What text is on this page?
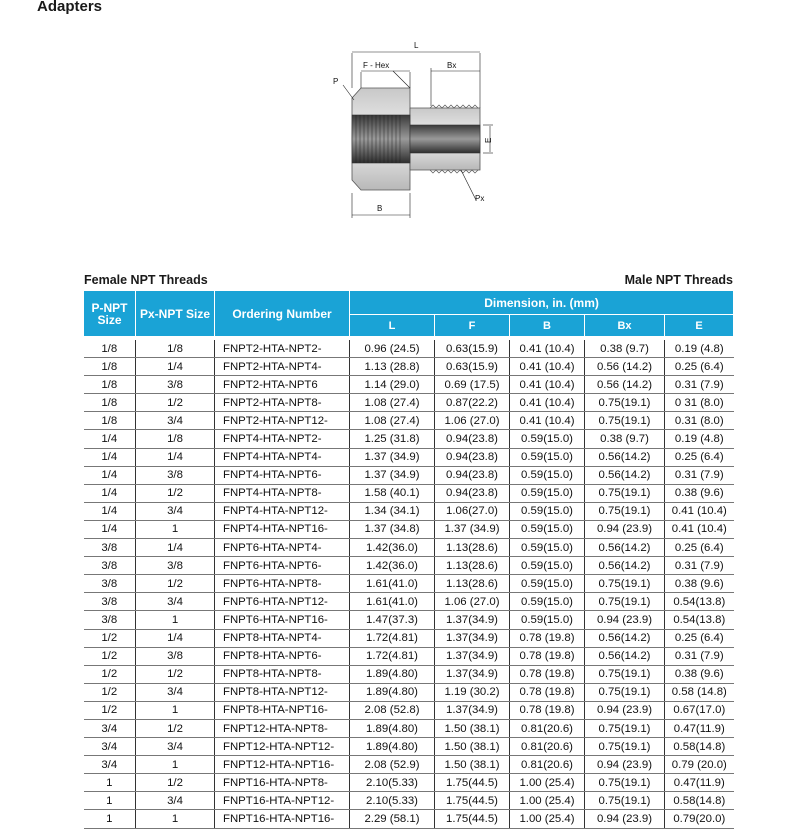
Adapters
L
F - Hex	Bx
P
E
B
Px
Female NPT Threads	Male NPT Threads
P-NPT Size	Px-NPT Size	Ordering Number	Dimension, in. (mm)				
			L	F	B	Bx	E
1/8	1/8	FNPT2-HTA-NPT2-	0.96 (24.5)	0.63(15.9)	0.41 (10.4)	0.38 (9.7)	0.19 (4.8)
1/8	1/4	FNPT2-HTA-NPT4-	1.13 (28.8)	0.63(15.9)	0.41 (10.4)	0.56 (14.2)	0.25 (6.4)
1/8	3/8	FNPT2-HTA-NPT6	1.14 (29.0)	0.69 (17.5)	0.41 (10.4)	0.56 (14.2)	0.31 (7.9)
1/8	1/2	FNPT2-HTA-NPT8-	1.08 (27.4)	0.87(22.2)	0.41 (10.4)	0.75(19.1)	0 31 (8.0)
1/8	3/4	FNPT2-HTA-NPT12-	1.08 (27.4)	1.06 (27.0)	0.41 (10.4)	0.75(19.1)	0.31 (8.0)
1/4	1/8	FNPT4-HTA-NPT2-	1.25 (31.8)	0.94(23.8)	0.59(15.0)	0.38 (9.7)	0.19 (4.8)
1/4	1/4	FNPT4-HTA-NPT4-	1.37 (34.9)	0.94(23.8)	0.59(15.0)	0.56(14.2)	0.25 (6.4)
1/4	3/8	FNPT4-HTA-NPT6-	1.37 (34.9)	0.94(23.8)	0.59(15.0)	0.56(14.2)	0.31 (7.9)
1/4	1/2	FNPT4-HTA-NPT8-	1.58 (40.1)	0.94(23.8)	0.59(15.0)	0.75(19.1)	0.38 (9.6)
1/4	3/4	FNPT4-HTA-NPT12-	1.34 (34.1)	1.06(27.0)	0.59(15.0)	0.75(19.1)	0.41 (10.4)
1/4	1	FNPT4-HTA-NPT16-	1.37 (34.8)	1.37 (34.9)	0.59(15.0)	0.94 (23.9)	0.41 (10.4)
3/8	1/4	FNPT6-HTA-NPT4-	1.42(36.0)	1.13(28.6)	0.59(15.0)	0.56(14.2)	0.25 (6.4)
3/8	3/8	FNPT6-HTA-NPT6-	1.42(36.0)	1.13(28.6)	0.59(15.0)	0.56(14.2)	0.31 (7.9)
3/8	1/2	FNPT6-HTA-NPT8-	1.61(41.0)	1.13(28.6)	0.59(15.0)	0.75(19.1)	0.38 (9.6)
3/8	3/4	FNPT6-HTA-NPT12-	1.61(41.0)	1.06 (27.0)	0.59(15.0)	0.75(19.1)	0.54(13.8)
3/8	1	FNPT6-HTA-NPT16-	1.47(37.3)	1.37(34.9)	0.59(15.0)	0.94 (23.9)	0.54(13.8)
1/2	1/4	FNPT8-HTA-NPT4-	1.72(4.81)	1.37(34.9)	0.78 (19.8)	0.56(14.2)	0.25 (6.4)
1/2	3/8	FNPT8-HTA-NPT6-	1.72(4.81)	1.37(34.9)	0.78 (19.8)	0.56(14.2)	0.31 (7.9)
1/2	1/2	FNPT8-HTA-NPT8-	1.89(4.80)	1.37(34.9)	0.78 (19.8)	0.75(19.1)	0.38 (9.6)
1/2	3/4	FNPT8-HTA-NPT12-	1.89(4.80)	1.19 (30.2)	0.78 (19.8)	0.75(19.1)	0.58 (14.8)
1/2	1	FNPT8-HTA-NPT16-	2.08 (52.8)	1.37(34.9)	0.78 (19.8)	0.94 (23.9)	0.67(17.0)
3/4	1/2	FNPT12-HTA-NPT8-	1.89(4.80)	1.50 (38.1)	0.81(20.6)	0.75(19.1)	0.47(11.9)
3/4	3/4	FNPT12-HTA-NPT12-	1.89(4.80)	1.50 (38.1)	0.81(20.6)	0.75(19.1)	0.58(14.8)
3/4	1	FNPT12-HTA-NPT16-	2.08 (52.9)	1.50 (38.1)	0.81(20.6)	0.94 (23.9)	0.79 (20.0)
1	1/2	FNPT16-HTA-NPT8-	2.10(5.33)	1.75(44.5)	1.00 (25.4)	0.75(19.1)	0.47(11.9)
1	3/4	FNPT16-HTA-NPT12-	2.10(5.33)	1.75(44.5)	1.00 (25.4)	0.75(19.1)	0.58(14.8)
1	1	FNPT16-HTA-NPT16-	2.29 (58.1)	1.75(44.5)	1.00 (25.4)	0.94 (23.9)	0.79(20.0)
